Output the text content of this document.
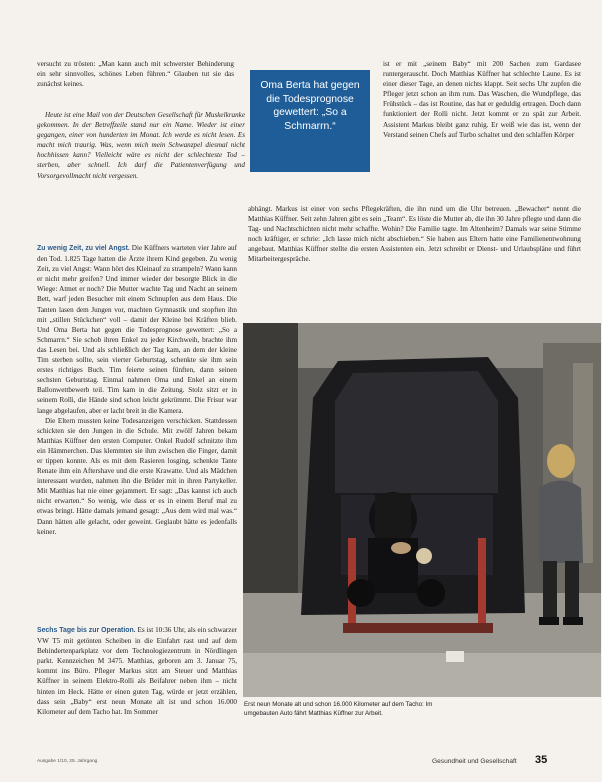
versucht zu trösten: „Man kann auch mit schwerster Behinderung ein sehr sinnvolles, schönes Leben führen.“ Glauben tut sie das zunächst keines.

Heute ist eine Mail von der Deutschen Gesellschaft für Muskelkranke gekommen. In der Betreffzeile stand nur ein Name. Wieder ist einer gegangen, einer von hunderten im Monat. Ich werde es nicht lesen. Es macht mich traurig. Was, wenn mich mein Schwanzpel diesmal nicht hochhissen kann? Vielleicht wäre es nicht der schlechteste Tod – sterben, aber schnell. Ich darf die Patientenverfügung und Vorsorgevollmacht nicht vergessen.

Oma Berta hat gegen die Todesprognose gewettert: „So a Schmarrn.“

Zu wenig Zeit, zu viel Angst. Die Küffners warteten vier Jahre auf den Tod. 1.825 Tage hatten die Ärzte ihrem Kind gegeben. Zu wenig Zeit, zu viel Angst: Wann hört des Kleinauf zu strampeln? Wann kann er nicht mehr greifen? Und immer wieder der besorgte Blick in die Wiege: Atmet er noch? Die Mutter wachte Tag und Nacht an seinem Bett, warf jeden Besucher mit einem Schnupfen aus dem Haus. Die Tanten lasen dem Jungen vor, machten Gymnastik und stopften ihn mit „stillen Stückchen“ voll – damit der Kleine bei Kräften blieb. Und Oma Berta hat gegen die Todesprognose gewettert: „So a Schmarrn.“ Sie schob ihren Enkel zu jeder Kirchweih, brachte ihm das Lesen bei. Und als schließlich der Tag kam, an dem der kleine Tim sterben sollte, sein vierter Geburtstag, schenkte sie ihm sein erstes richtiges Buch. Tim feierte seinen fünften, dann seinen sechsten Geburtstag. Einmal nahmen Oma und Enkel an einem Ballonwettbewerb teil. Tim kam in die Zeitung. Stolz sitzt er in seinem Rolli, die Hände sind schon leicht gekrümmt. Die Frisur war lange abgelaufen, aber er lacht breit in die Kamera.

Die Eltern mussten keine Todesanzeigen verschicken. Stattdessen schickten sie den Jungen in die Schule. Mit zwölf Jahren bekam Matthias Küffner den ersten Computer. Onkel Rudolf schnitzte ihm ein Hämmerchen. Das klemmten sie ihm zwischen die Finger, damit er tippen konnte. Als es mit dem Rasieren losging, schenkte Tante Renate ihm ein Aftershave und die erste Krawatte. Und als Mädchen interessant wurden, nahmen ihn die Brüder mit in ihren Partykeller. Mit Matthias hat nie einer gejammert. Er sagt: „Das kannst ich auch nicht erwarten.“ So wenig, wie dass er es in einem Beruf mal zu etwas bringt. Hätte damals jemand gesagt: „Aus dem wird mal was.“ Dann hätten alle gelacht, oder geweint. Geglaubt hätte es jedenfalls keiner.

Sechs Tage bis zur Operation. Es ist 10:36 Uhr, als ein schwarzer VW T5 mit getönten Scheiben in die Einfahrt rast und auf dem Behindertenparkplatz vor dem Technologiezentrum in Nördlingen parkt. Kennzeichen M 3475. Matthias, geboren am 3. Januar 75, kommt ins Büro. Pfleger Markus sitzt am Steuer und Matthias Küffner in seinem Elektro-Rolli als Beifahrer neben ihm – nicht hinten im Heck. Hätte er einen guten Tag, würde er jetzt erzählen, dass sein „Baby“ erst neun Monate alt ist und schon 16.000 Kilometer auf dem Tacho hat. Im Sommer

ist er mit „seinem Baby“ mit 200 Sachen zum Gardasee runtergerauscht. Doch Matthias Küffner hat schlechte Laune. Es ist einer dieser Tage, an denen nichts klappt. Seit sechs Uhr zupfen die Pfleger jetzt schon an ihm rum. Das Waschen, die Wundpflege, das Frühstück – das ist Routine, das hat er geduldig ertragen. Doch dann funktioniert der Rolli nicht. Jetzt kommt er zu spät zur Arbeit. Assistent Markus bleibt ganz ruhig. Er weiß wie das ist, wenn der Verstand seinen Chefs auf Turbo schaltet und den schlaffen Körper

abhängt. Markus ist einer von sechs Pflegekräften, die ihn rund um die Uhr betreuen. „Bewacher“ nennt die Matthias Küffner. Seit zehn Jahren gibt es sein „Team“. Es löste die Mutter ab, die ihn 30 Jahre pflegte und dann die Tag- und Nachtschichten nicht mehr schaffte. Wohin? Die Familie tagte. Im Altenheim? Damals war seine Stimme noch kräftiger, er schrie: „Ich lasse mich nicht abschieben.“ Sie haben aus Eltern hatte eine Familienentwohnung angebaut. Matthias Küffner stellte die ersten Assistenten ein. Jetzt schreibt er Dienst- und Urlaubspläne und führt Mitarbeitergespräche.

Erst neun Monate alt und schon 16.000 Kilometer auf dem Tacho: Im umgebauten Auto fährt Matthias Küffner zur Arbeit.
Ausgabe 1/10, 25. Jahrgang	Gesundheit und Gesellschaft 35
